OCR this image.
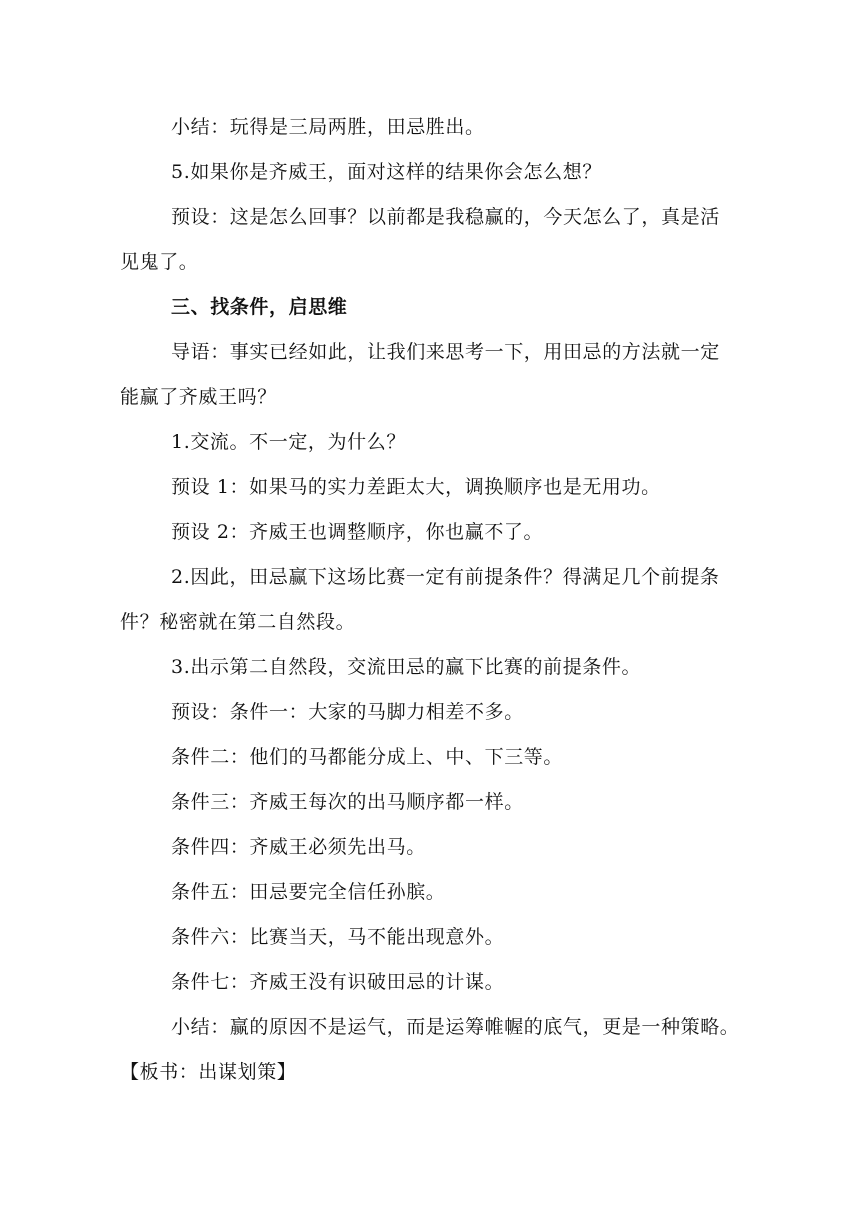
小结：玩得是三局两胜，田忌胜出。
5.如果你是齐威王，面对这样的结果你会怎么想？
预设：这是怎么回事？以前都是我稳赢的，今天怎么了，真是活
见鬼了。
三、找条件，启思维
导语：事实已经如此，让我们来思考一下，用田忌的方法就一定
能赢了齐威王吗？
1.交流。不一定，为什么？
预设 1：如果马的实力差距太大，调换顺序也是无用功。
预设 2：齐威王也调整顺序，你也赢不了。
2.因此，田忌赢下这场比赛一定有前提条件？得满足几个前提条
件？秘密就在第二自然段。
3.出示第二自然段，交流田忌的赢下比赛的前提条件。
预设：条件一：大家的马脚力相差不多。
条件二：他们的马都能分成上、中、下三等。
条件三：齐威王每次的出马顺序都一样。
条件四：齐威王必须先出马。
条件五：田忌要完全信任孙膑。
条件六：比赛当天，马不能出现意外。
条件七：齐威王没有识破田忌的计谋。
小结：赢的原因不是运气，而是运筹帷幄的底气，更是一种策略。
【板书：出谋划策】
